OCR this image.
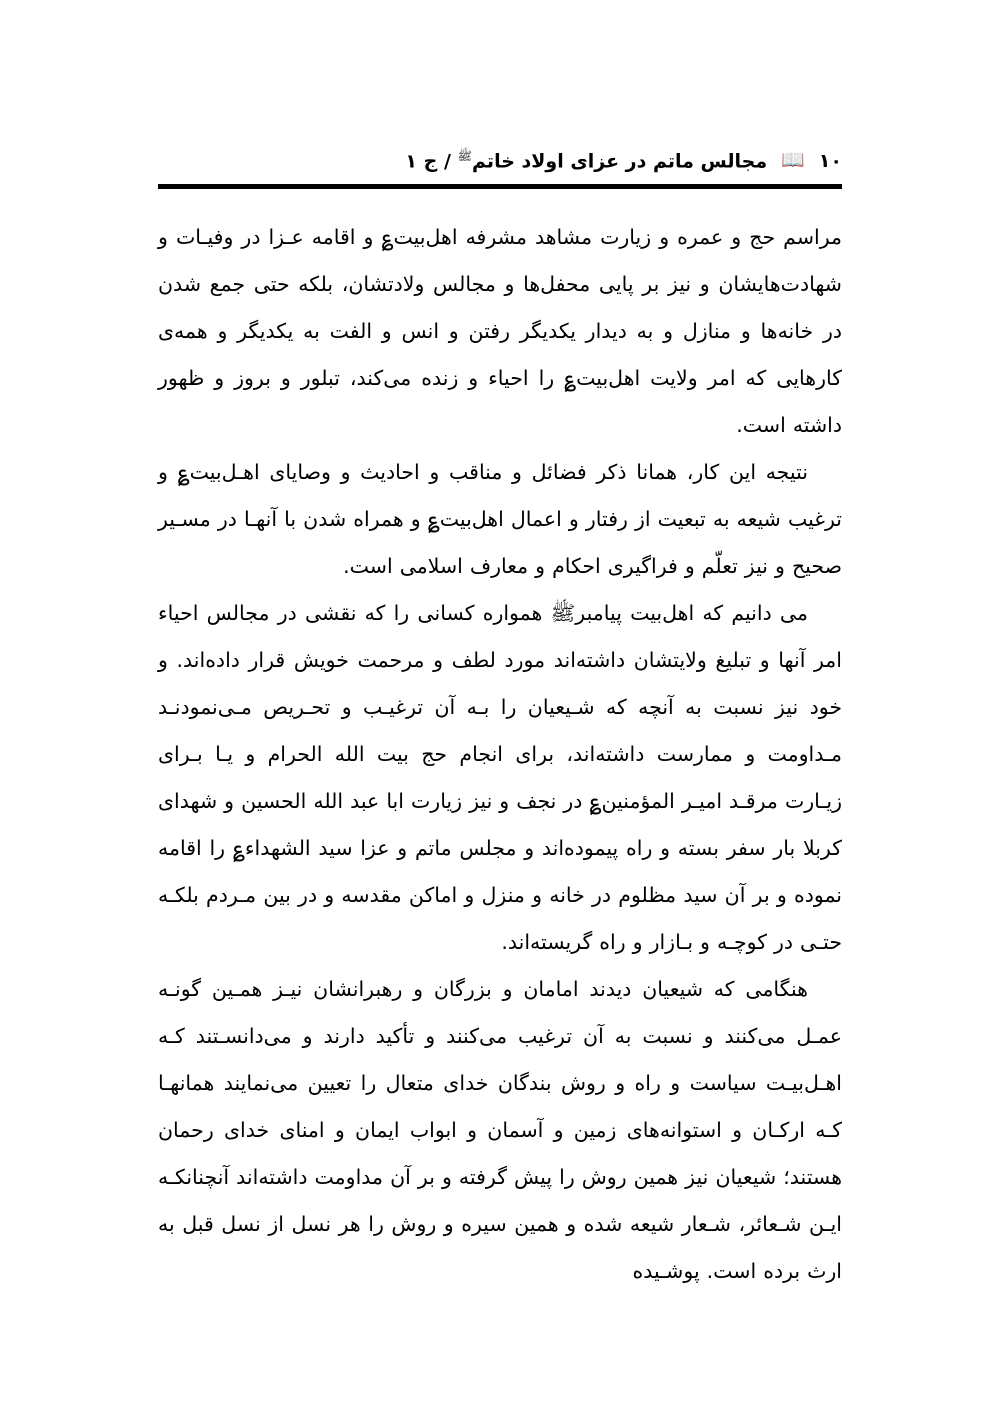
۱۰
📖
مجالس ماتم در عزای اولاد خاتم$^ﷺ$ / ج ۱

مراسم حج و عمره و زیارت مشاهد مشرفه اهل‌بیت؏ و اقامه عـزا در وفیـات و شهادت‌هایشان و نیز بر پایی محفل‌ها و مجالس ولادتشان، بلکه حتی جمع شدن در خانه‌ها و منازل و به دیدار یکدیگر رفتن و انس و الفت به یکدیگر و همه‌ی کارهایی که امر ولایت اهل‌بیت؏ را احیاء و زنده می‌کند، تبلور و بروز و ظهور داشته است.

نتیجه این کار، همانا ذکر فضائل و مناقب و احادیث و وصایای اهـل‌بیت؏ و ترغیب شیعه به تبعیت از رفتار و اعمال اهل‌بیت؏ و همراه شدن با آنهـا در مسـیر صحیح و نیز تعلّم و فراگیری احکام و معارف اسلامی است.

می دانیم که اهل‌بیت پیامبرﷺ همواره کسانی را که نقشی در مجالس احیاء امر آنها و تبلیغ ولایتشان داشته‌اند مورد لطف و مرحمت خویش قرار داده‌اند. و خود نیز نسبت به آنچه که شـیعیان را بـه آن ترغیـب و تحـریص مـی‌نمودنـد مـداومت و ممارست داشته‌اند، برای انجام حج بیت الله الحرام و یـا بـرای زیـارت مرقـد امیـر المؤمنین؏ در نجف و نیز زیارت ابا عبد الله الحسین و شهدای کربلا بار سفر بسته و راه پیموده‌اند و مجلس ماتم و عزا سید الشهداء؏ را اقامه نموده و بر آن سید مظلوم در خانه و منزل و اماکن مقدسه و در بین مـردم بلکـه حتـی در کوچـه و بـازار و راه گریسته‌اند.

هنگامی که شیعیان دیدند امامان و بزرگان و رهبرانشان نیـز همـین گونـه عمـل می‌کنند و نسبت به آن ترغیب می‌کنند و تأکید دارند و می‌دانسـتند کـه اهـل‌بیـت سیاست و راه و روش بندگان خدای متعال را تعیین می‌نمایند همانهـا کـه ارکـان و استوانه‌های زمین و آسمان و ابواب ایمان و امنای خدای رحمان هستند؛ شیعیان نیز همین روش را پیش گرفته و بر آن مداومت داشته‌اند آنچنانکـه ایـن شـعائر، شـعار شیعه شده و همین سیره و روش را هر نسل از نسل قبل به ارث برده است. پوشـیده
